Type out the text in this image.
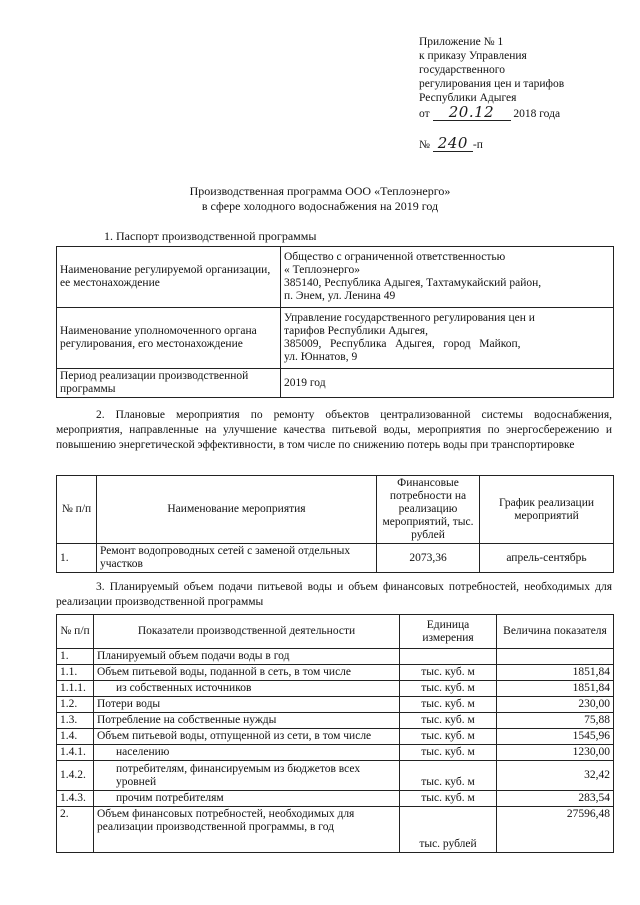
Приложение № 1
к приказу Управления
государственного
регулирования цен и тарифов
Республики Адыгея
от 20.12 2018 года
№ 240 -п
Производственная программа ООО «Теплоэнерго»
в сфере холодного водоснабжения на 2019 год
1. Паспорт производственной программы
Наименование регулируемой организации, ее местонахождение	Общество с ограниченной ответственностью
« Теплоэнерго»
385140, Республика Адыгея, Тахтамукайский район,
п. Энем, ул. Ленина 49

Наименование уполномоченного органа регулирования, его местонахождение	Управление государственного регулирования цен и
тарифов Республики Адыгея,
385009,   Республика   Адыгея,   город   Майкоп,
ул. Юннатов, 9

Период реализации производственной программы	2019 год

2. Плановые мероприятия по ремонту объектов централизованной системы водоснабжения, мероприятия, направленные на улучшение качества питьевой воды, мероприятия по энергосбережению и повышению энергетической эффективности, в том числе по снижению потерь воды при транспортировке

№ п/п	Наименование мероприятия	Финансовые потребности на реализацию мероприятий, тыс. рублей	График реализации мероприятий
1.	Ремонт водопроводных сетей с заменой отдельных участков	2073,36	апрель-сентябрь

3. Планируемый объем подачи питьевой воды и объем финансовых потребностей, необходимых для реализации производственной программы

№ п/п	Показатели производственной деятельности	Единица измерения	Величина показателя
1.	Планируемый объем подачи воды в год		
1.1.	Объем питьевой воды, поданной в сеть, в том числе	тыс. куб. м	1851,84
1.1.1.	из собственных источников	тыс. куб. м	1851,84
1.2.	Потери воды	тыс. куб. м	230,00
1.3.	Потребление на собственные нужды	тыс. куб. м	75,88
1.4.	Объем питьевой воды, отпущенной из сети, в том числе	тыс. куб. м	1545,96
1.4.1.	населению	тыс. куб. м	1230,00
1.4.2.	потребителям, финансируемым из бюджетов всех уровней	тыс. куб. м	32,42
1.4.3.	прочим потребителям	тыс. куб. м	283,54
2.	Объем финансовых потребностей, необходимых для реализации производственной программы, в год	тыс. рублей	27596,48
